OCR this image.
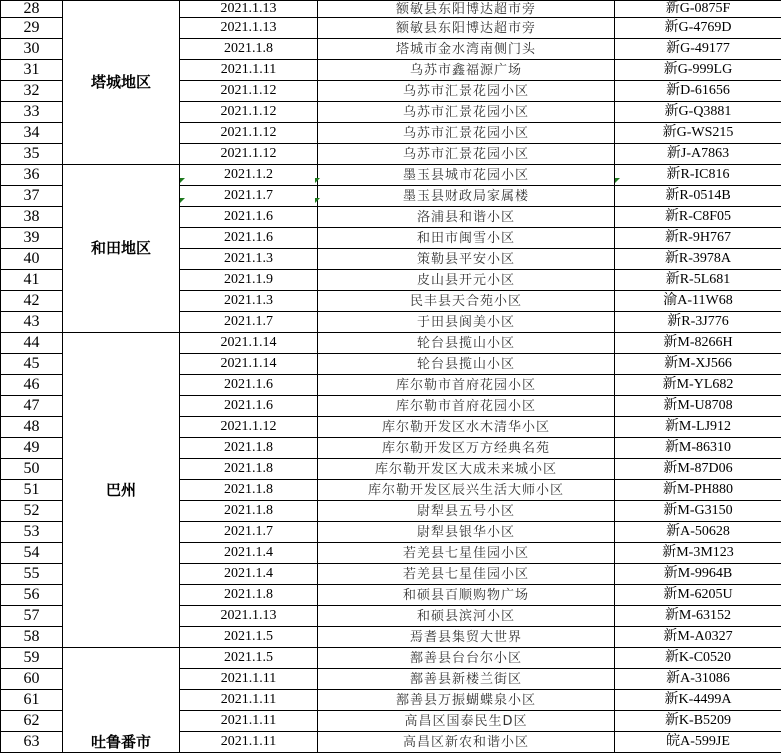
28	塔城地区	2021.1.13	额敏县东阳博达超市旁	新G-0875F
29		2021.1.13	额敏县东阳博达超市旁	新G-4769D
30		2021.1.8	塔城市金水湾南侧门头	新G-49177
31		2021.1.11	乌苏市鑫福源广场	新G-999LG
32		2021.1.12	乌苏市汇景花园小区	新D-61656
33		2021.1.12	乌苏市汇景花园小区	新G-Q3881
34		2021.1.12	乌苏市汇景花园小区	新G-WS215
35		2021.1.12	乌苏市汇景花园小区	新J-A7863
36	和田地区	2021.1.2	墨玉县城市花园小区	新R-IC816
37		2021.1.7	墨玉县财政局家属楼	新R-0514B
38		2021.1.6	洛浦县和谐小区	新R-C8F05
39		2021.1.6	和田市闽雪小区	新R-9H767
40		2021.1.3	策勒县平安小区	新R-3978A
41		2021.1.9	皮山县开元小区	新R-5L681
42		2021.1.3	民丰县天合苑小区	渝A-11W68
43		2021.1.7	于田县阆美小区	新R-3J776
44	巴州	2021.1.14	轮台县揽山小区	新M-8266H
45		2021.1.14	轮台县揽山小区	新M-XJ566
46		2021.1.6	库尔勒市首府花园小区	新M-YL682
47		2021.1.6	库尔勒市首府花园小区	新M-U8708
48		2021.1.12	库尔勒开发区水木清华小区	新M-LJ912
49		2021.1.8	库尔勒开发区万方经典名苑	新M-86310
50		2021.1.8	库尔勒开发区大成未来城小区	新M-87D06
51		2021.1.8	库尔勒开发区辰兴生活大师小区	新M-PH880
52		2021.1.8	尉犁县五号小区	新M-G3150
53		2021.1.7	尉犁县银华小区	新A-50628
54		2021.1.4	若羌县七星佳园小区	新M-3M123
55		2021.1.4	若羌县七星佳园小区	新M-9964B
56		2021.1.8	和硕县百顺购物广场	新M-6205U
57		2021.1.13	和硕县滨河小区	新M-63152
58		2021.1.5	焉耆县集贸大世界	新M-A0327
59	吐鲁番市	2021.1.5	鄯善县台台尔小区	新K-C0520
60		2021.1.11	鄯善县新楼兰街区	新A-31086
61		2021.1.11	鄯善县万振蝴蝶泉小区	新K-4499A
62		2021.1.11	高昌区国泰民生D区	新K-B5209
63		2021.1.11	高昌区新农和谐小区	皖A-599JE
